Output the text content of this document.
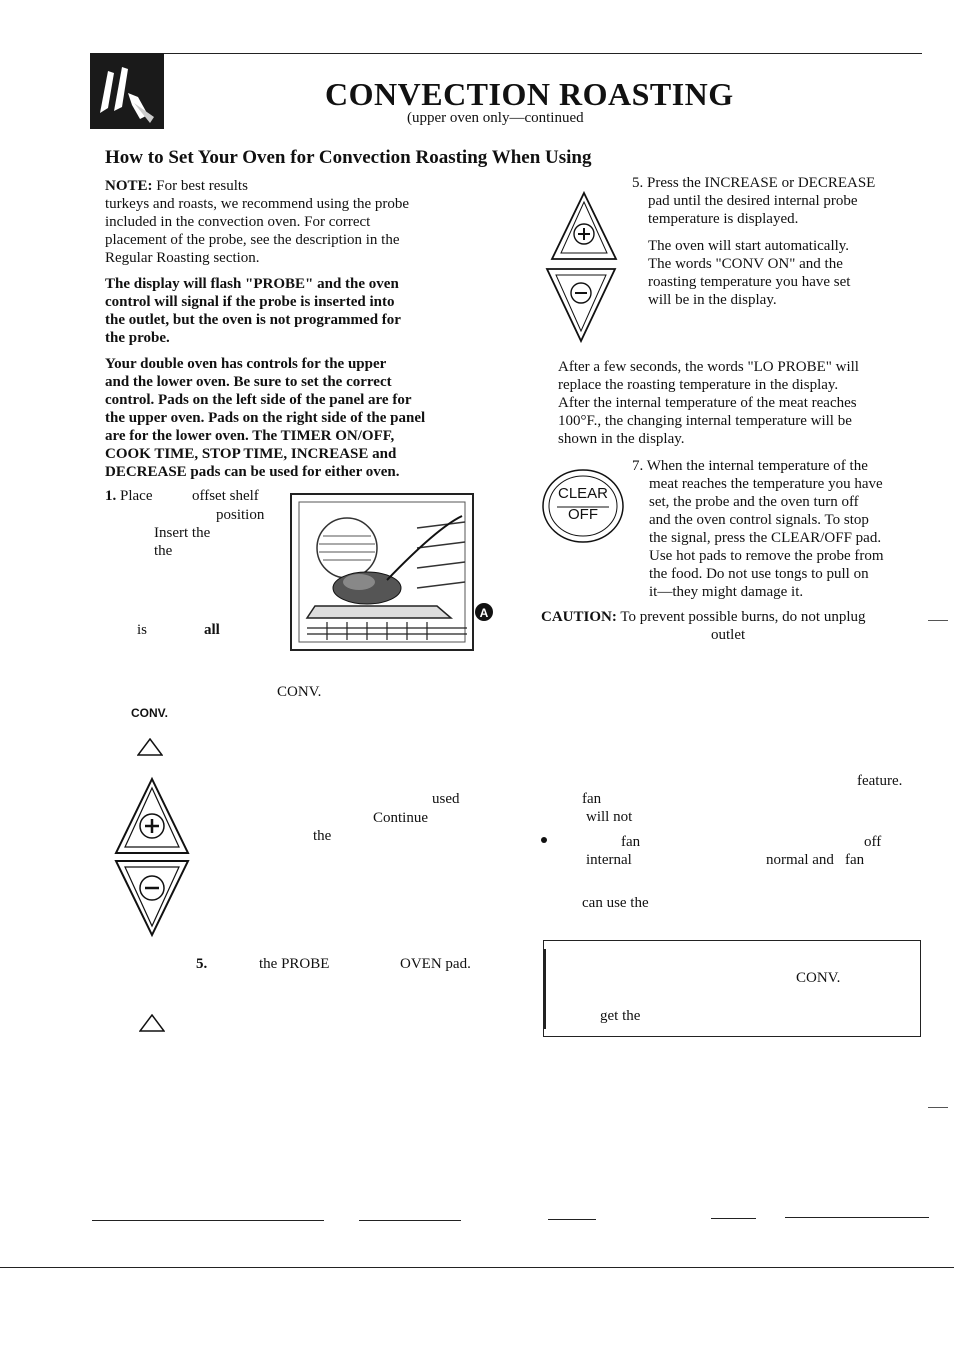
CONVECTION ROASTING
(upper oven only—continued
How to Set Your Oven for Convection Roasting When Using
NOTE: For best results
turkeys and roasts, we recommend using the probe
included in the convection oven. For correct
placement of the probe, see the description in the
Regular Roasting section.
The display will flash "PROBE" and the oven
control will signal if the probe is inserted into
the outlet, but the oven is not programmed for
the probe.
Your double oven has controls for the upper
and the lower oven. Be sure to set the correct
control. Pads on the left side of the panel are for
the upper oven. Pads on the right side of the panel
are for the lower oven. The TIMER ON/OFF,
COOK TIME, STOP TIME, INCREASE and
DECREASE pads can be used for either oven.
1. Place	offset shelf
position
Insert the
the
is	all
A
CONV.
CONV.
used
Continue
the
5.	the PROBE	OVEN pad.
5. Press the INCREASE or DECREASE
pad until the desired internal probe
temperature is displayed.
The oven will start automatically.
The words "CONV ON" and the
roasting temperature you have set
will be in the display.
After a few seconds, the words "LO PROBE" will
replace the roasting temperature in the display.
After the internal temperature of the meat reaches
100°F., the changing internal temperature will be
shown in the display.
CLEAR
OFF
7. When the internal temperature of the
meat reaches the temperature you have
set, the probe and the oven turn off
and the oven control signals. To stop
the signal, press the CLEAR/OFF pad.
Use hot pads to remove the probe from
the food. Do not use tongs to pull on
it—they might damage it.
CAUTION: To prevent possible burns, do not unplug
outlet
feature.
fan
will not
fan	off
internal	normal and fan
can use the
CONV.
get the
